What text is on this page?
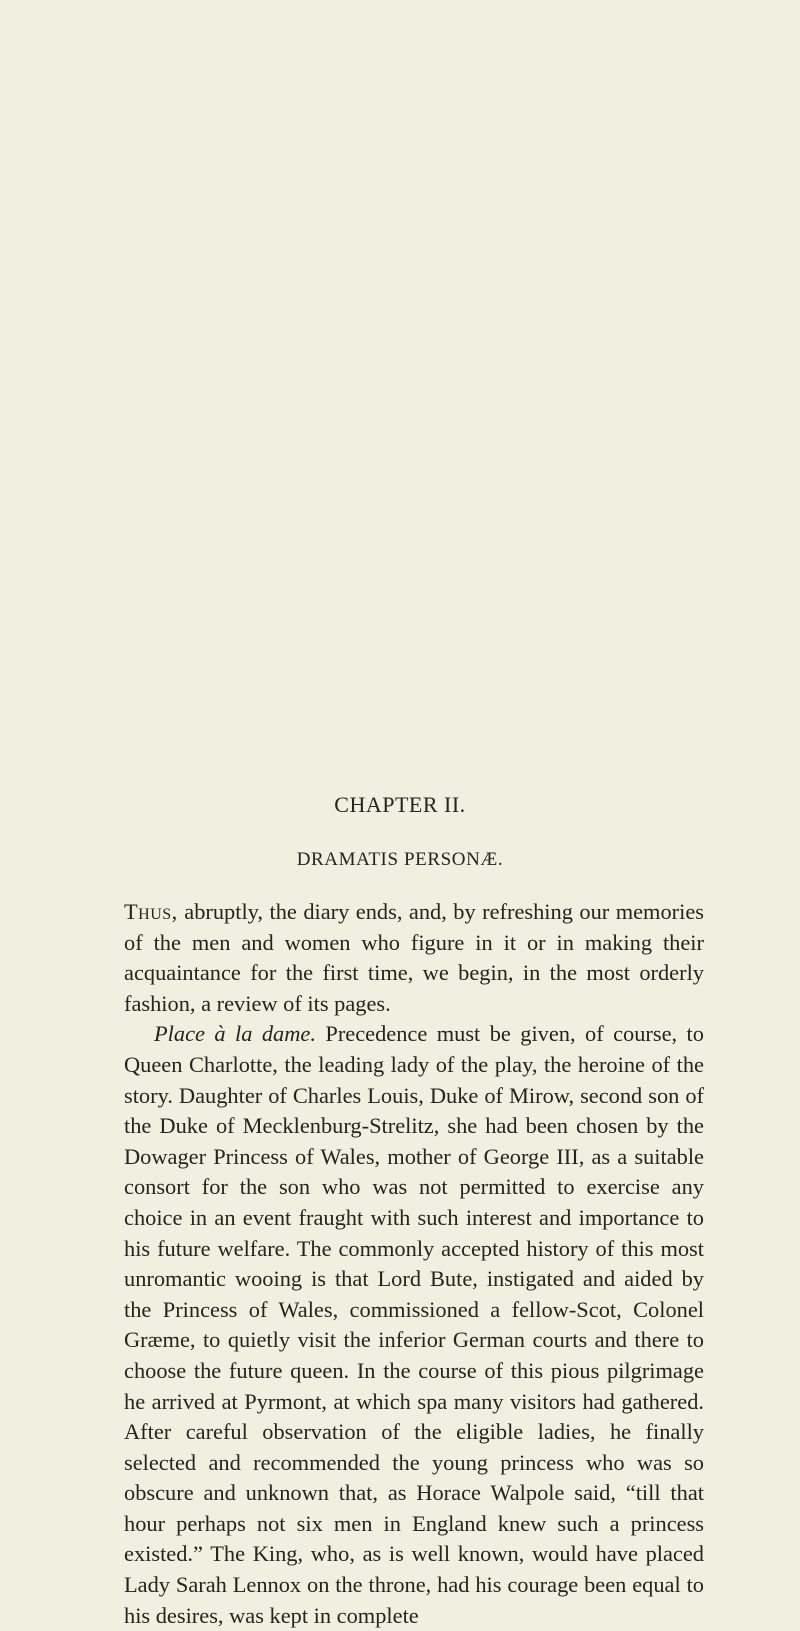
CHAPTER II.
DRAMATIS PERSONÆ.

Thus, abruptly, the diary ends, and, by refreshing our memories of the men and women who figure in it or in making their acquaintance for the first time, we begin, in the most orderly fashion, a review of its pages.

Place à la dame. Precedence must be given, of course, to Queen Charlotte, the leading lady of the play, the heroine of the story. Daughter of Charles Louis, Duke of Mirow, second son of the Duke of Mecklenburg-Strelitz, she had been chosen by the Dowager Princess of Wales, mother of George III, as a suitable consort for the son who was not permitted to exercise any choice in an event fraught with such interest and importance to his future welfare. The commonly accepted history of this most unromantic wooing is that Lord Bute, instigated and aided by the Princess of Wales, commissioned a fellow-Scot, Colonel Græme, to quietly visit the inferior German courts and there to choose the future queen. In the course of this pious pilgrimage he arrived at Pyrmont, at which spa many visitors had gathered. After careful observation of the eligible ladies, he finally selected and recommended the young princess who was so obscure and unknown that, as Horace Walpole said, “till that hour perhaps not six men in England knew such a princess existed.” The King, who, as is well known, would have placed Lady Sarah Lennox on the throne, had his courage been equal to his desires, was kept in complete
